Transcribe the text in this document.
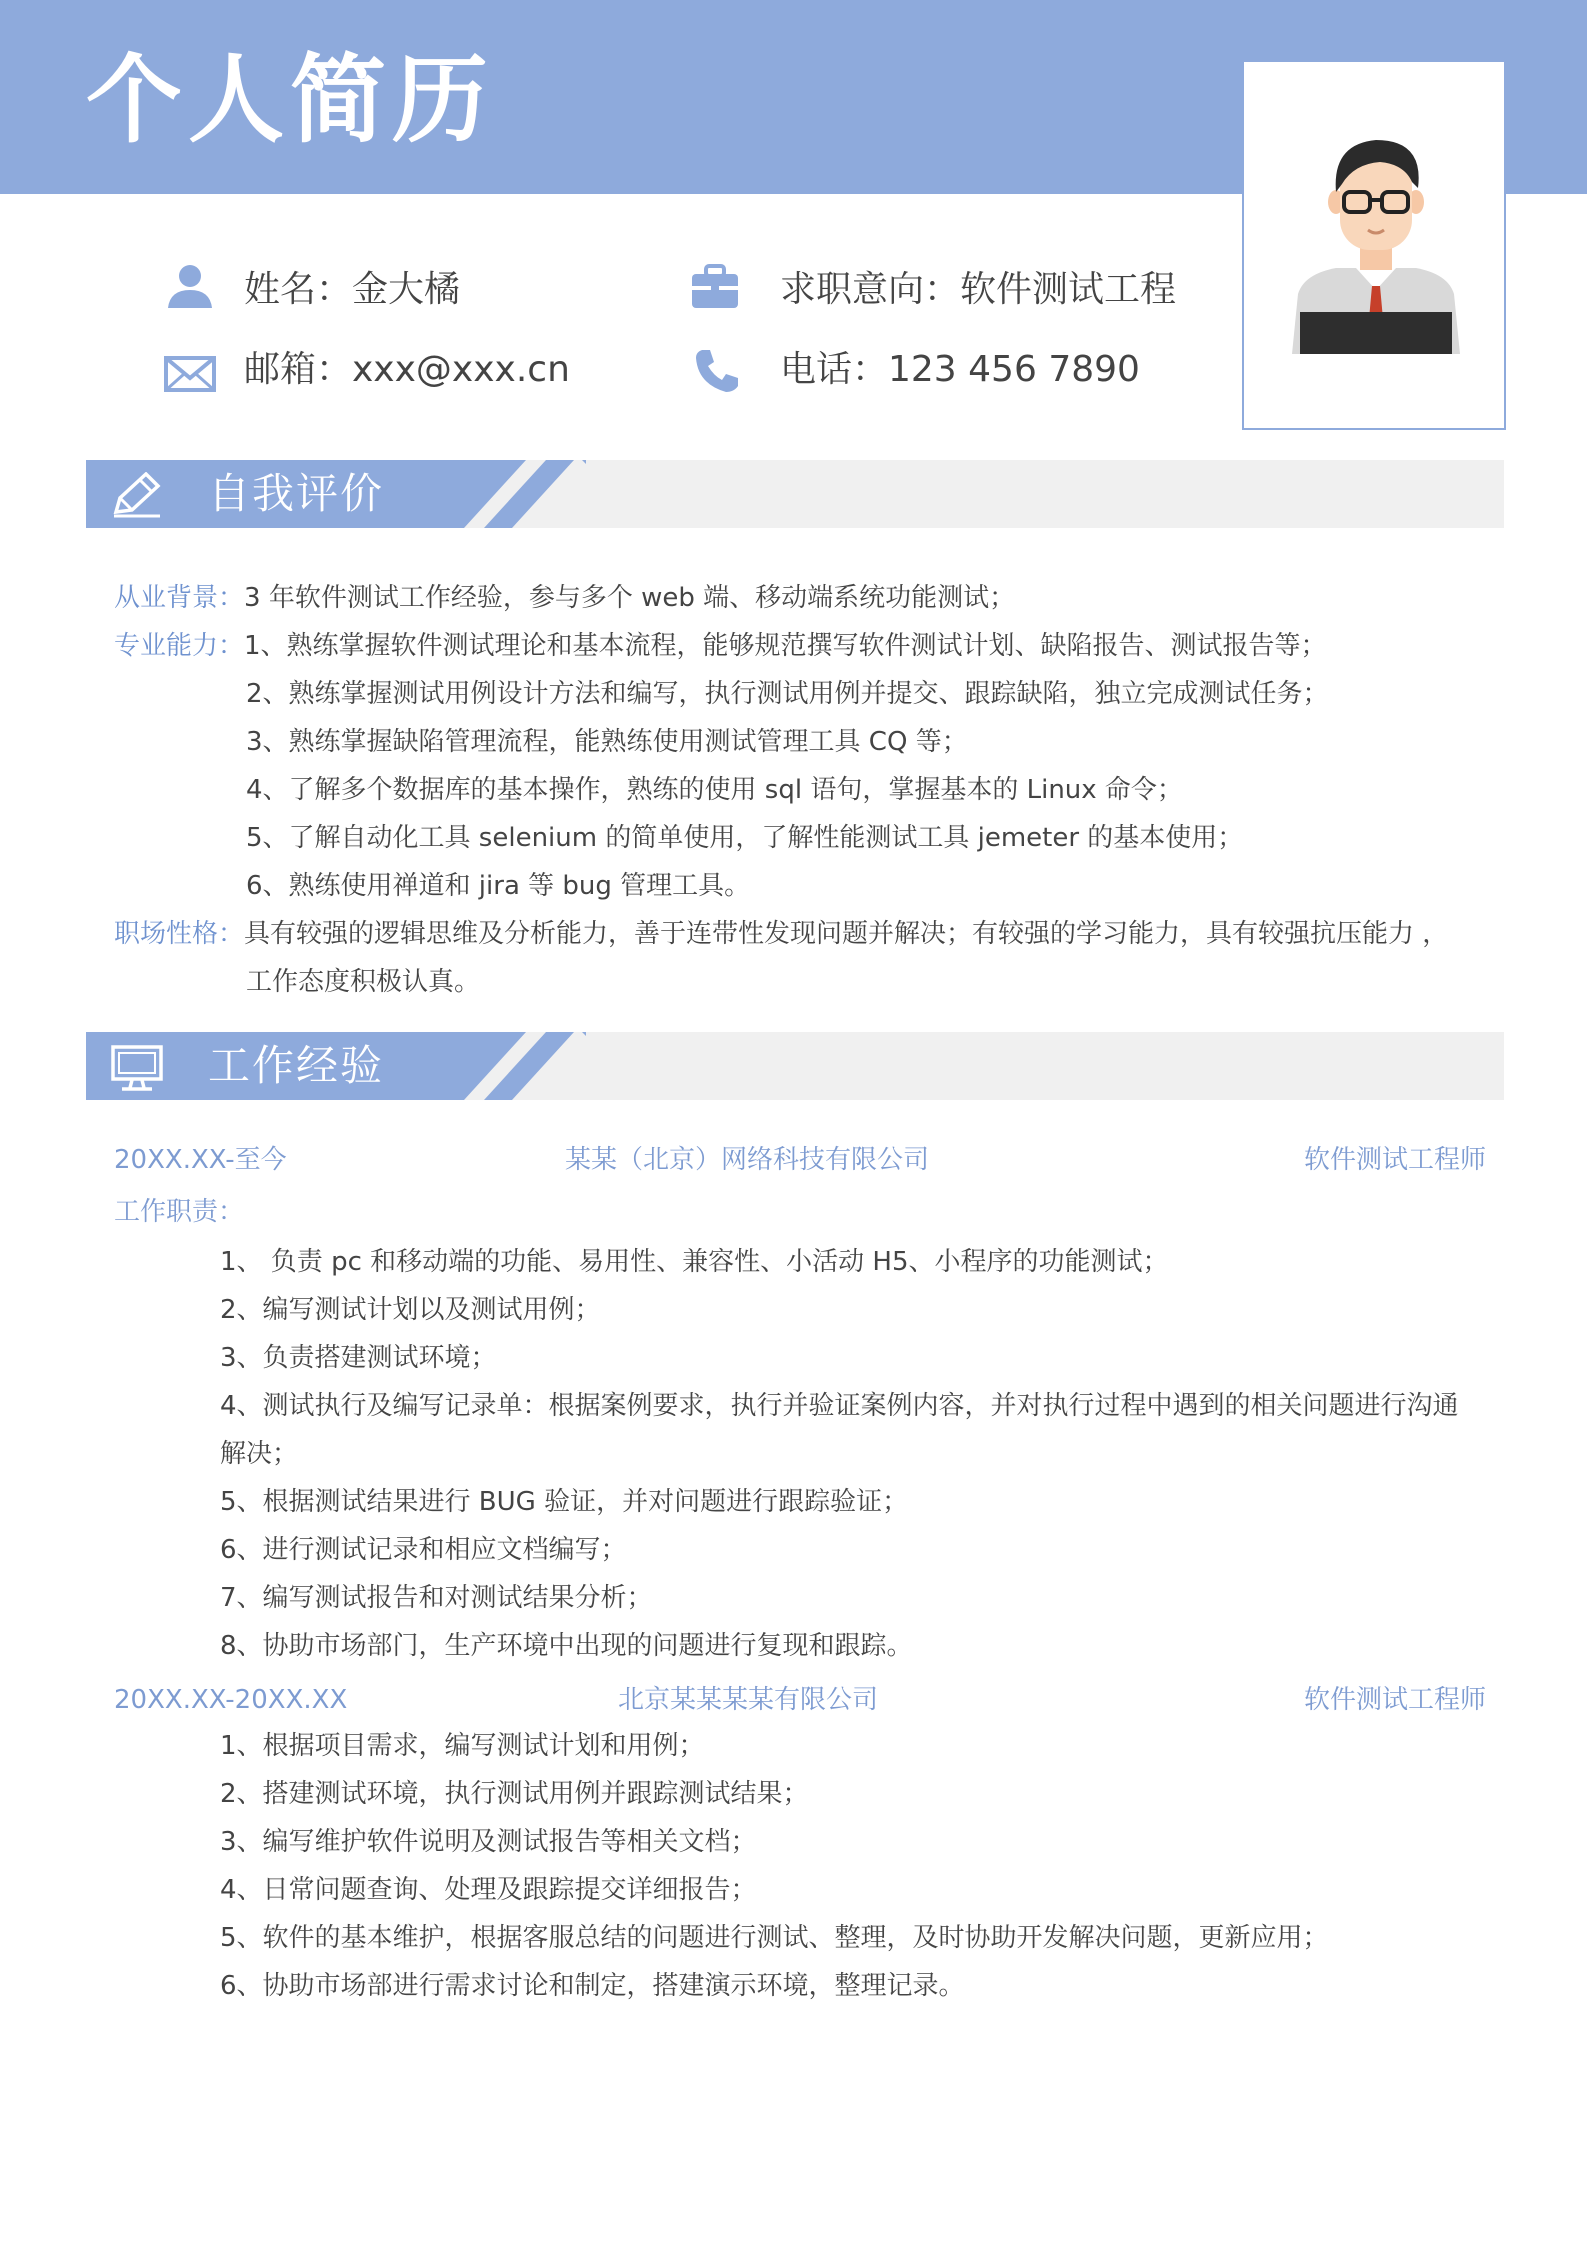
个人简历
姓名：金大橘	求职意向：软件测试工程
邮箱：xxx@xxx.cn	电话：123 456 7890
自我评价
从业背景：3 年软件测试工作经验，参与多个 web 端、移动端系统功能测试；
专业能力：1、熟练掌握软件测试理论和基本流程，能够规范撰写软件测试计划、缺陷报告、测试报告等；
2、熟练掌握测试用例设计方法和编写，执行测试用例并提交、跟踪缺陷，独立完成测试任务；
3、熟练掌握缺陷管理流程，能熟练使用测试管理工具 CQ 等；
4、了解多个数据库的基本操作，熟练的使用 sql 语句，掌握基本的 Linux 命令；
5、了解自动化工具 selenium 的简单使用，了解性能测试工具 jemeter 的基本使用；
6、熟练使用禅道和 jira 等 bug 管理工具。
职场性格：具有较强的逻辑思维及分析能力，善于连带性发现问题并解决；有较强的学习能力，具有较强抗压能力 ，
工作态度积极认真。
工作经验
20XX.XX-至今	某某（北京）网络科技有限公司	软件测试工程师
工作职责：
1、 负责 pc 和移动端的功能、易用性、兼容性、小活动 H5、小程序的功能测试；
2、编写测试计划以及测试用例；
3、负责搭建测试环境；
4、测试执行及编写记录单：根据案例要求，执行并验证案例内容，并对执行过程中遇到的相关问题进行沟通
解决；
5、根据测试结果进行 BUG 验证，并对问题进行跟踪验证；
6、进行测试记录和相应文档编写；
7、编写测试报告和对测试结果分析；
8、协助市场部门，生产环境中出现的问题进行复现和跟踪。
20XX.XX-20XX.XX	北京某某某某有限公司	软件测试工程师
1、根据项目需求，编写测试计划和用例；
2、搭建测试环境，执行测试用例并跟踪测试结果；
3、编写维护软件说明及测试报告等相关文档；
4、日常问题查询、处理及跟踪提交详细报告；
5、软件的基本维护，根据客服总结的问题进行测试、整理，及时协助开发解决问题，更新应用；
6、协助市场部进行需求讨论和制定，搭建演示环境，整理记录。
